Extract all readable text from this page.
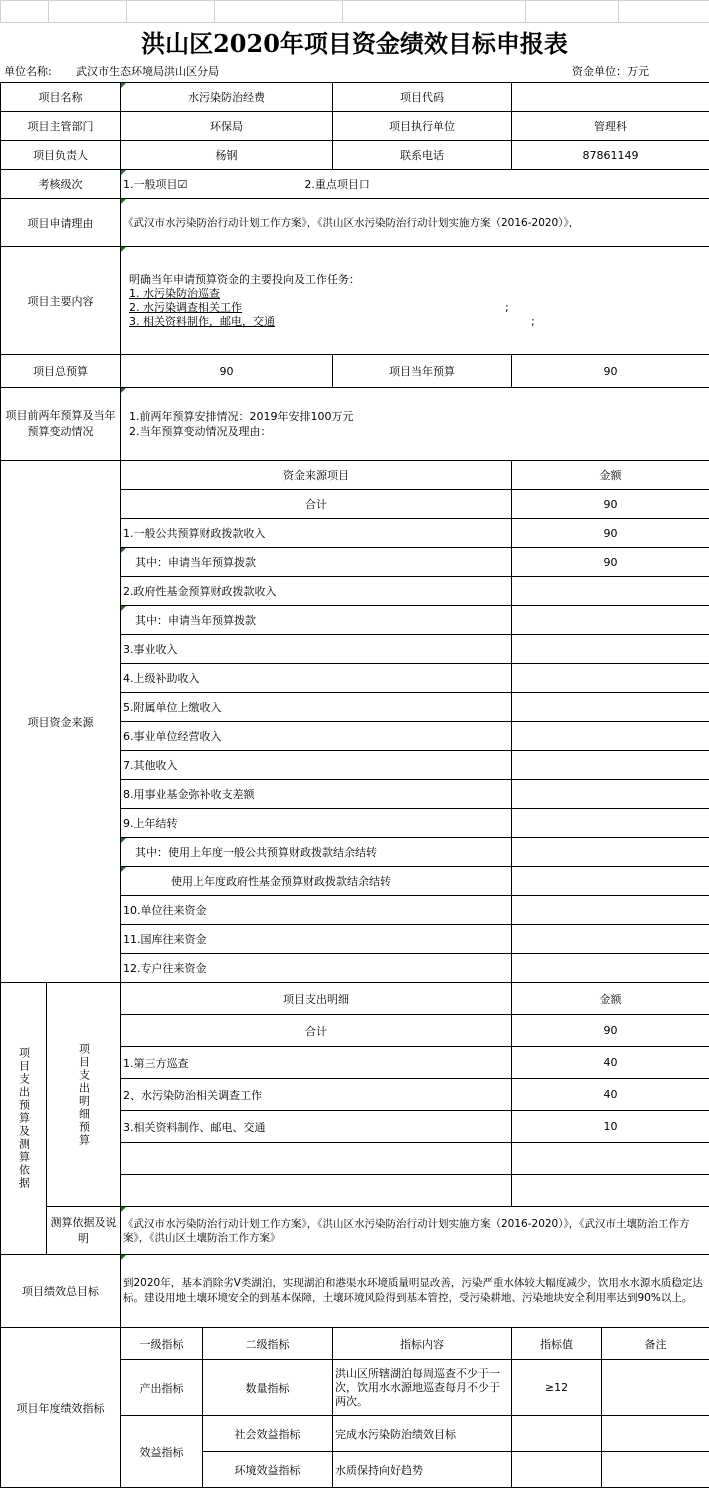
洪山区2020年项目资金绩效目标申报表
单位名称: 武汉市生态环境局洪山区分局	资金单位：万元
项目名称		水污染防治经费		项目代码		
项目主管部门		环保局		项目执行单位	管理科	
项目负责人		杨钢		联系电话	87861149	
考核级次		1.一般项目☑ 2.重点项目口				
项目申请理由		《武汉市水污染防治行动计划工作方案》，《洪山区水污染防治行动计划实施方案（2016-2020）》，				
项目主要内容		明确当年申请预算资金的主要投向及工作任务：
1. 水污染防治巡查
2. 水污染调查相关工作 ;
3. 相关资料制作，邮电，交通 ;				

项目总预算		90		项目当年预算	90	
项目前两年预算及当年预算变动情况		1.前两年预算安排情况：2019年安排100万元
2.当年预算变动情况及理由：				

项目资金来源		资金来源项目			金额	
		合计			90	
		1.一般公共预算财政拨款收入			90	
		其中：申请当年预算拨款			90	
		2.政府性基金预算财政拨款收入				
		其中：申请当年预算拨款				
		3.事业收入				
		4.上级补助收入				
		5.附属单位上缴收入				
		6.事业单位经营收入				
		7.其他收入				
		8.用事业基金弥补收支差额				
		9.上年结转				
		其中：使用上年度一般公共预算财政拨款结余结转				
		使用上年度政府性基金预算财政拨款结余结转				
		10.单位往来资金				
		11.国库往来资金				
		12.专户往来资金				

项目支出预算及测算依据	项目支出明细预算	项目支出明细			金额	
		合计			90	
		1.第三方巡查			40	
		2、水污染防治相关调查工作			40	
		3.相关资料制作、邮电、交通			10	

	测算依据及说明	《武汉市水污染防治行动计划工作方案》，《洪山区水污染防治行动计划实施方案（2016-2020）》，《武汉市土壤防治工作方案》，《洪山区土壤防治工作方案》				
项目绩效总目标		到2020年，基本消除劣V类湖泊，实现湖泊和港渠水环境质量明显改善，污染严重水体较大幅度减少，饮用水水源水质稳定达标。建设用地土壤环境安全的到基本保障，土壤环境风险得到基本管控，受污染耕地、污染地块安全利用率达到90%以上。				
项目年度绩效指标		一级指标	二级指标	指标内容	指标值	备注
		产出指标	数量指标	洪山区所辖湖泊每周巡查不少于一次，饮用水水源地巡查每月不少于两次。	≥12	
		效益指标	社会效益指标	完成水污染防治绩效目标		
			环境效益指标	水质保持向好趋势		
